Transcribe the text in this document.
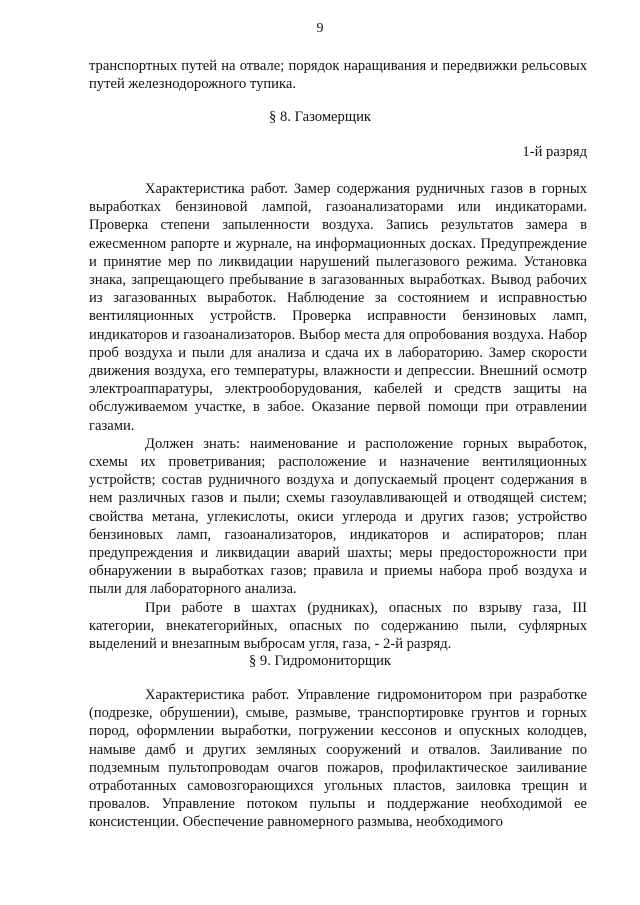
9

транспортных путей на отвале; порядок наращивания и передвижки рельсовых путей железнодорожного тупика.

§ 8. Газомерщик

1-й разряд

Характеристика работ. Замер содержания рудничных газов в горных выработках бензиновой лампой, газоанализаторами или индикаторами. Проверка степени запыленности воздуха. Запись результатов замера в ежесменном рапорте и журнале, на информационных досках. Предупреждение и принятие мер по ликвидации нарушений пылегазового режима. Установка знака, запрещающего пребывание в загазованных выработках. Вывод рабочих из загазованных выработок. Наблюдение за состоянием и исправностью вентиляционных устройств. Проверка исправности бензиновых ламп, индикаторов и газоанализаторов. Выбор места для опробования воздуха. Набор проб воздуха и пыли для анализа и сдача их в лабораторию. Замер скорости движения воздуха, его температуры, влажности и депрессии. Внешний осмотр электроаппаратуры, электрооборудования, кабелей и средств защиты на обслуживаемом участке, в забое. Оказание первой помощи при отравлении газами.

Должен знать: наименование и расположение горных выработок, схемы их проветривания; расположение и назначение вентиляционных устройств; состав рудничного воздуха и допускаемый процент содержания в нем различных газов и пыли; схемы газоулавливающей и отводящей систем; свойства метана, углекислоты, окиси углерода и других газов; устройство бензиновых ламп, газоанализаторов, индикаторов и аспираторов; план предупреждения и ликвидации аварий шахты; меры предосторожности при обнаружении в выработках газов; правила и приемы набора проб воздуха и пыли для лабораторного анализа.

При работе в шахтах (рудниках), опасных по взрыву газа, III категории, внекатегорийных, опасных по содержанию пыли, суфлярных выделений и внезапным выбросам угля, газа, - 2-й разряд.

§ 9. Гидромониторщик

Характеристика работ. Управление гидромонитором при разработке (подрезке, обрушении), смыве, размыве, транспортировке грунтов и горных пород, оформлении выработки, погружении кессонов и опускных колодцев, намыве дамб и других земляных сооружений и отвалов. Заиливание по подземным пультопроводам очагов пожаров, профилактическое заиливание отработанных самовозгорающихся угольных пластов, заиловка трещин и провалов. Управление потоком пульпы и поддержание необходимой ее консистенции. Обеспечение равномерного размыва, необходимого
